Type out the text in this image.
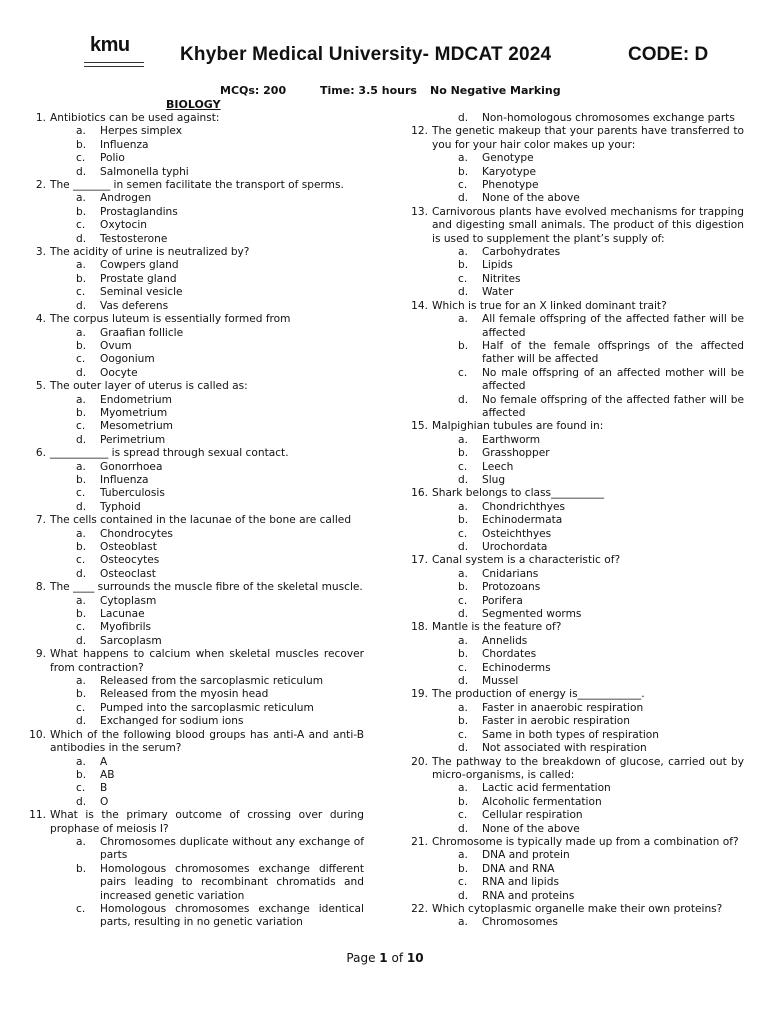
kmu	Khyber Medical University- MDCAT 2024	CODE: D
MCQs: 200	Time: 3.5 hours No Negative Marking
BIOLOGY
1. Antibiotics can be used against:
a. Herpes simplex
b. Influenza
c. Polio
d. Salmonella typhi
2. The _______ in semen facilitate the transport of sperms.
a. Androgen
b. Prostaglandins
c. Oxytocin
d. Testosterone
3. The acidity of urine is neutralized by?
a. Cowpers gland
b. Prostate gland
c. Seminal vesicle
d. Vas deferens
4. The corpus luteum is essentially formed from
a. Graafian follicle
b. Ovum
c. Oogonium
d. Oocyte
5. The outer layer of uterus is called as:
a. Endometrium
b. Myometrium
c. Mesometrium
d. Perimetrium
6. ___________ is spread through sexual contact.
a. Gonorrhoea
b. Influenza
c. Tuberculosis
d. Typhoid
7. The cells contained in the lacunae of the bone are called
a. Chondrocytes
b. Osteoblast
c. Osteocytes
d. Osteoclast
8. The ____ surrounds the muscle fibre of the skeletal muscle.
a. Cytoplasm
b. Lacunae
c. Myofibrils
d. Sarcoplasm
9. What happens to calcium when skeletal muscles recover from contraction?
a. Released from the sarcoplasmic reticulum
b. Released from the myosin head
c. Pumped into the sarcoplasmic reticulum
d. Exchanged for sodium ions
10. Which of the following blood groups has anti-A and anti-B antibodies in the serum?
a. A
b. AB
c. B
d. O
11. What is the primary outcome of crossing over during prophase of meiosis I?
a. Chromosomes duplicate without any exchange of parts
b. Homologous chromosomes exchange different pairs leading to recombinant chromatids and increased genetic variation
c. Homologous chromosomes exchange identical parts, resulting in no genetic variation
d. Non-homologous chromosomes exchange parts
12. The genetic makeup that your parents have transferred to you for your hair color makes up your:
a. Genotype
b. Karyotype
c. Phenotype
d. None of the above
13. Carnivorous plants have evolved mechanisms for trapping and digesting small animals. The product of this digestion is used to supplement the plant’s supply of:
a. Carbohydrates
b. Lipids
c. Nitrites
d. Water
14. Which is true for an X linked dominant trait?
a. All female offspring of the affected father will be affected
b. Half of the female offsprings of the affected father will be affected
c. No male offspring of an affected mother will be affected
d. No female offspring of the affected father will be affected
15. Malpighian tubules are found in:
a. Earthworm
b. Grasshopper
c. Leech
d. Slug
16. Shark belongs to class__________
a. Chondrichthyes
b. Echinodermata
c. Osteichthyes
d. Urochordata
17. Canal system is a characteristic of?
a. Cnidarians
b. Protozoans
c. Porifera
d. Segmented worms
18. Mantle is the feature of?
a. Annelids
b. Chordates
c. Echinoderms
d. Mussel
19. The production of energy is____________.
a. Faster in anaerobic respiration
b. Faster in aerobic respiration
c. Same in both types of respiration
d. Not associated with respiration
20. The pathway to the breakdown of glucose, carried out by micro-organisms, is called:
a. Lactic acid fermentation
b. Alcoholic fermentation
c. Cellular respiration
d. None of the above
21. Chromosome is typically made up from a combination of?
a. DNA and protein
b. DNA and RNA
c. RNA and lipids
d. RNA and proteins
22. Which cytoplasmic organelle make their own proteins?
a. Chromosomes
Page 1 of 10
